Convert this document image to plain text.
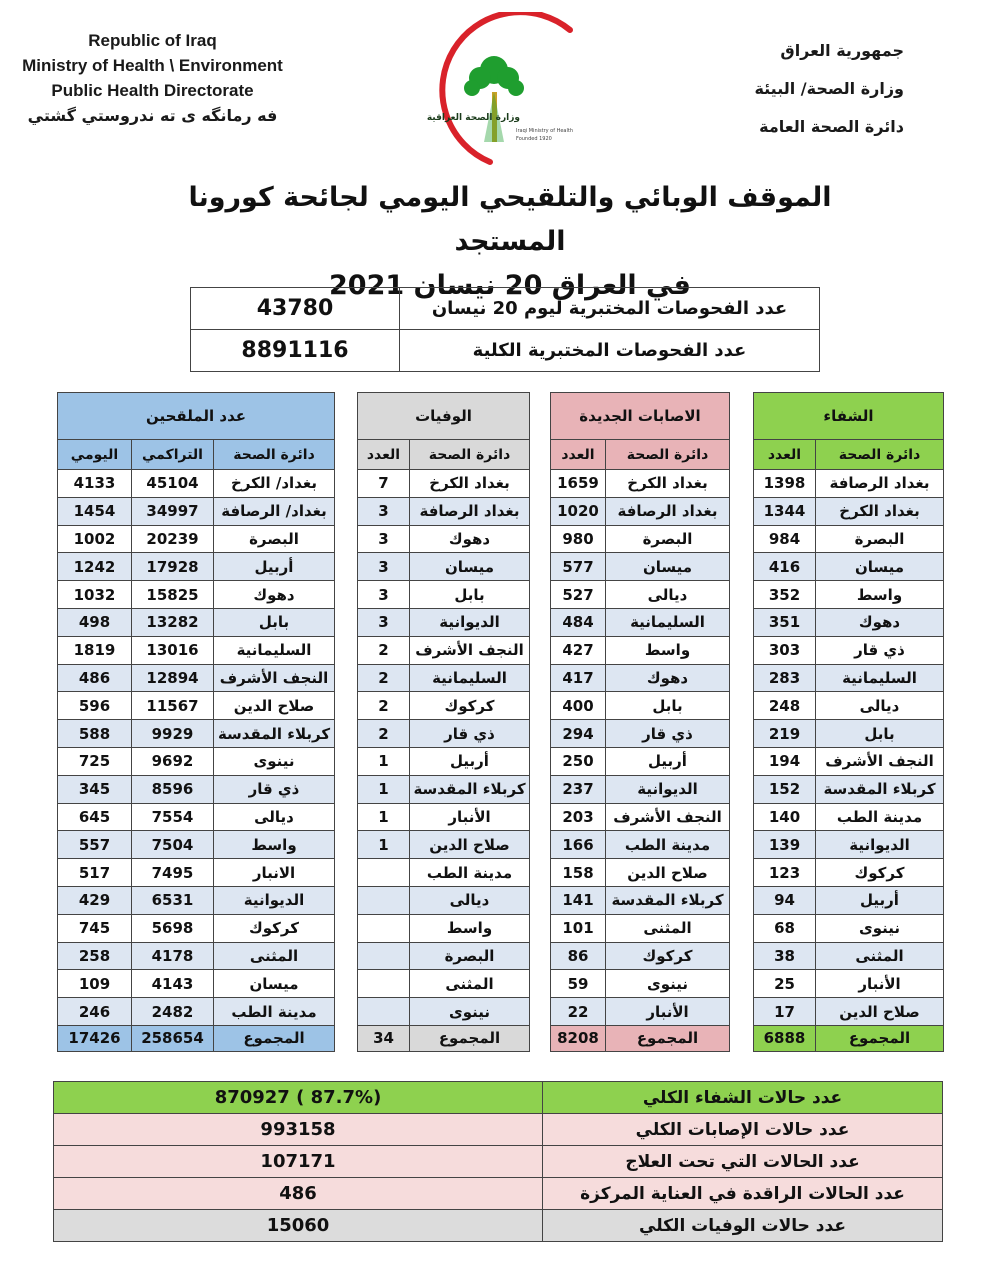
Republic of Iraq
Ministry of Health \ Environment
Public Health Directorate
فه رمانگه ى ته ندروستي گشتي	وزارة الصحة العراقية
Iraqi Ministry of Health
Founded 1920
جمهورية العراق
وزارة الصحة/ البيئة
دائرة الصحة العامة
الموقف الوبائي والتلقيحي اليومي لجائحة كورونا المستجد
في العراق 20 نيسان 2021
عدد الفحوصات المختبرية ليوم 20 نيسان	43780
عدد الفحوصات المختبرية الكلية	8891116
الشفاء	
دائرة الصحة	العدد
بغداد الرصافة	1398
بغداد الكرخ	1344
البصرة	984
ميسان	416
واسط	352
دهوك	351
ذي قار	303
السليمانية	283
ديالى	248
بابل	219
النجف الأشرف	194
كربلاء المقدسة	152
مدينة الطب	140
الديوانية	139
كركوك	123
أربيل	94
نينوى	68
المثنى	38
الأنبار	25
صلاح الدين	17
المجموع	6888
الاصابات الجديدة	
دائرة الصحة	العدد
بغداد الكرخ	1659
بغداد الرصافة	1020
البصرة	980
ميسان	577
ديالى	527
السليمانية	484
واسط	427
دهوك	417
بابل	400
ذي قار	294
أربيل	250
الديوانية	237
النجف الأشرف	203
مدينة الطب	166
صلاح الدين	158
كربلاء المقدسة	141
المثنى	101
كركوك	86
نينوى	59
الأنبار	22
المجموع	8208
الوفيات	
دائرة الصحة	العدد
بغداد الكرخ	7
بغداد الرصافة	3
دهوك	3
ميسان	3
بابل	3
الديوانية	3
النجف الأشرف	2
السليمانية	2
كركوك	2
ذي قار	2
أربيل	1
كربلاء المقدسة	1
الأنبار	1
صلاح الدين	1
مدينة الطب	
ديالى	
واسط	
البصرة	
المثنى	
نينوى	
المجموع	34
عدد الملقحين		
دائرة الصحة	التراكمي	اليومي
بغداد/ الكرخ	45104	4133
بغداد/ الرصافة	34997	1454
البصرة	20239	1002
أربيل	17928	1242
دهوك	15825	1032
بابل	13282	498
السليمانية	13016	1819
النجف الأشرف	12894	486
صلاح الدين	11567	596
كربلاء المقدسة	9929	588
نينوى	9692	725
ذي قار	8596	345
ديالى	7554	645
واسط	7504	557
الانبار	7495	517
الديوانية	6531	429
كركوك	5698	745
المثنى	4178	258
ميسان	4143	109
مدينة الطب	2482	246
المجموع	258654	17426
عدد حالات الشفاء الكلي	(87.7% ) 870927
عدد حالات الإصابات الكلي	993158
عدد الحالات التي تحت العلاج	107171
عدد الحالات الراقدة في العناية المركزة	486
عدد حالات الوفيات الكلي	15060
